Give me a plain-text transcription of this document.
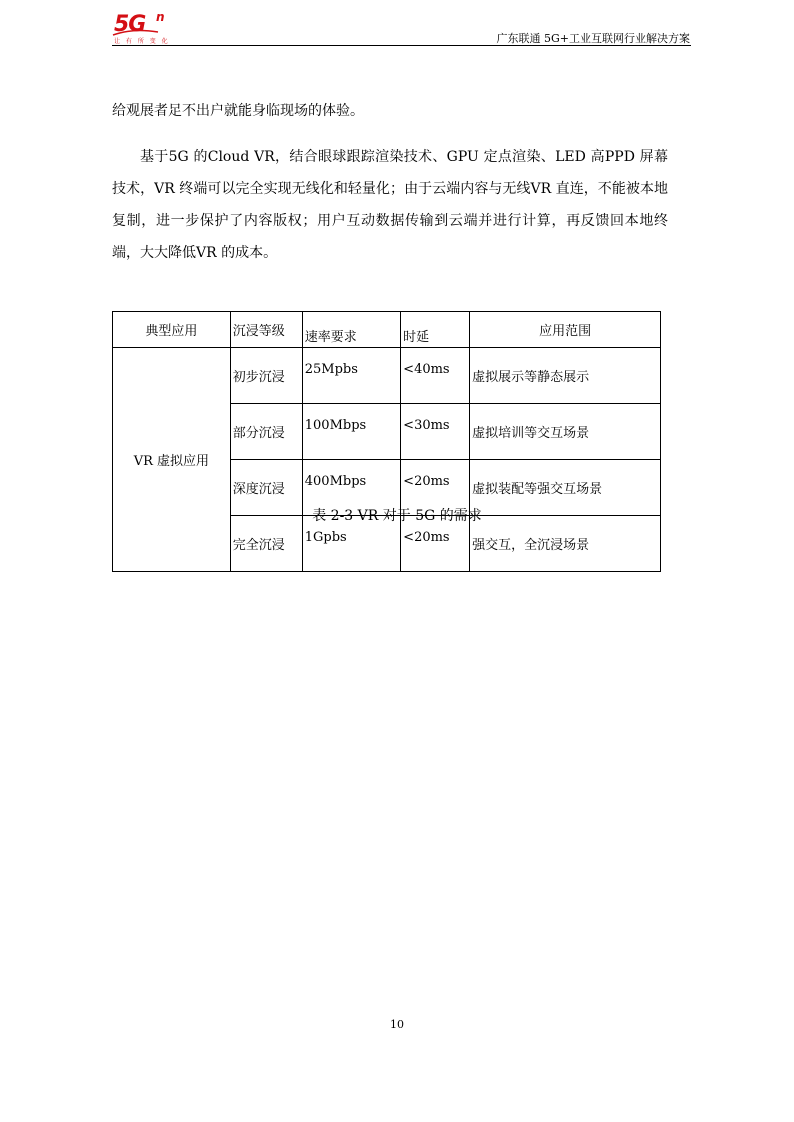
5G n
让 有 所 变 化	广东联通 5G+工业互联网行业解决方案
给观展者足不出户就能身临现场的体验。
基于5G 的Cloud VR，结合眼球跟踪渲染技术、GPU 定点渲染、LED 高PPD 屏幕技术，VR 终端可以完全实现无线化和轻量化；由于云端内容与无线VR 直连，不能被本地复制，进一步保护了内容版权；用户互动数据传输到云端并进行计算，再反馈回本地终端，大大降低VR 的成本。
典型应用	沉浸等级	速率要求	时延	应用范围
VR 虚拟应用	初步沉浸	25Mpbs	<40ms	虚拟展示等静态展示
	部分沉浸	100Mbps	<30ms	虚拟培训等交互场景
	深度沉浸	400Mbps	<20ms	虚拟装配等强交互场景
	完全沉浸	1Gpbs	<20ms	强交互，全沉浸场景
表 2-3 VR 对于 5G 的需求
10
